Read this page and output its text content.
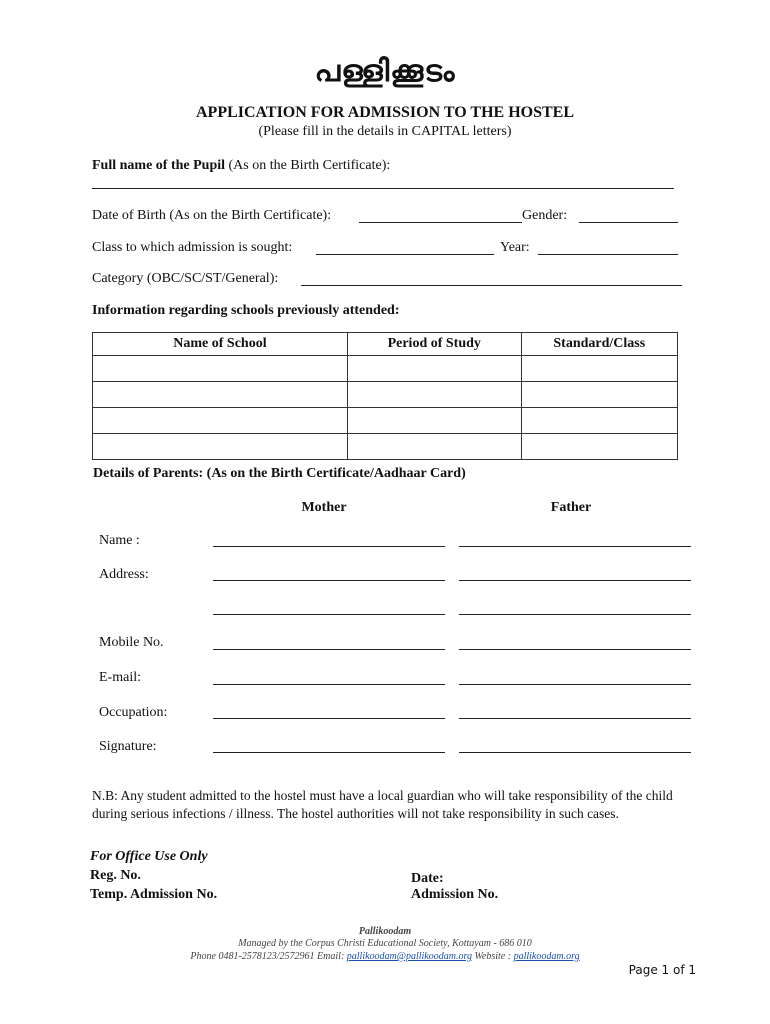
പള്ളിക്കൂടം
APPLICATION FOR ADMISSION TO THE HOSTEL
(Please fill in the details in CAPITAL letters)
Full name of the Pupil (As on the Birth Certificate):
Date of Birth (As on the Birth Certificate):	Gender:
Class to which admission is sought:	Year:
Category (OBC/SC/ST/General):
Information regarding schools previously attended:
Name of School	Period of Study	Standard/Class

Details of Parents: (As on the Birth Certificate/Aadhaar Card)
Mother	Father
Name :
Address:
Mobile No.
E-mail:
Occupation:
Signature:
N.B: Any student admitted to the hostel must have a local guardian who will take responsibility of the child during serious infections / illness. The hostel authorities will not take responsibility in such cases.
For Office Use Only
Reg. No.
Temp. Admission No.
Date:
Admission No.
Pallikoodam
Managed by the Corpus Christi Educational Society, Kottayam - 686 010
Phone 0481-2578123/2572961 Email: pallikoodam@pallikoodam.org Website : pallikoodam.org
Page 1 of 1
